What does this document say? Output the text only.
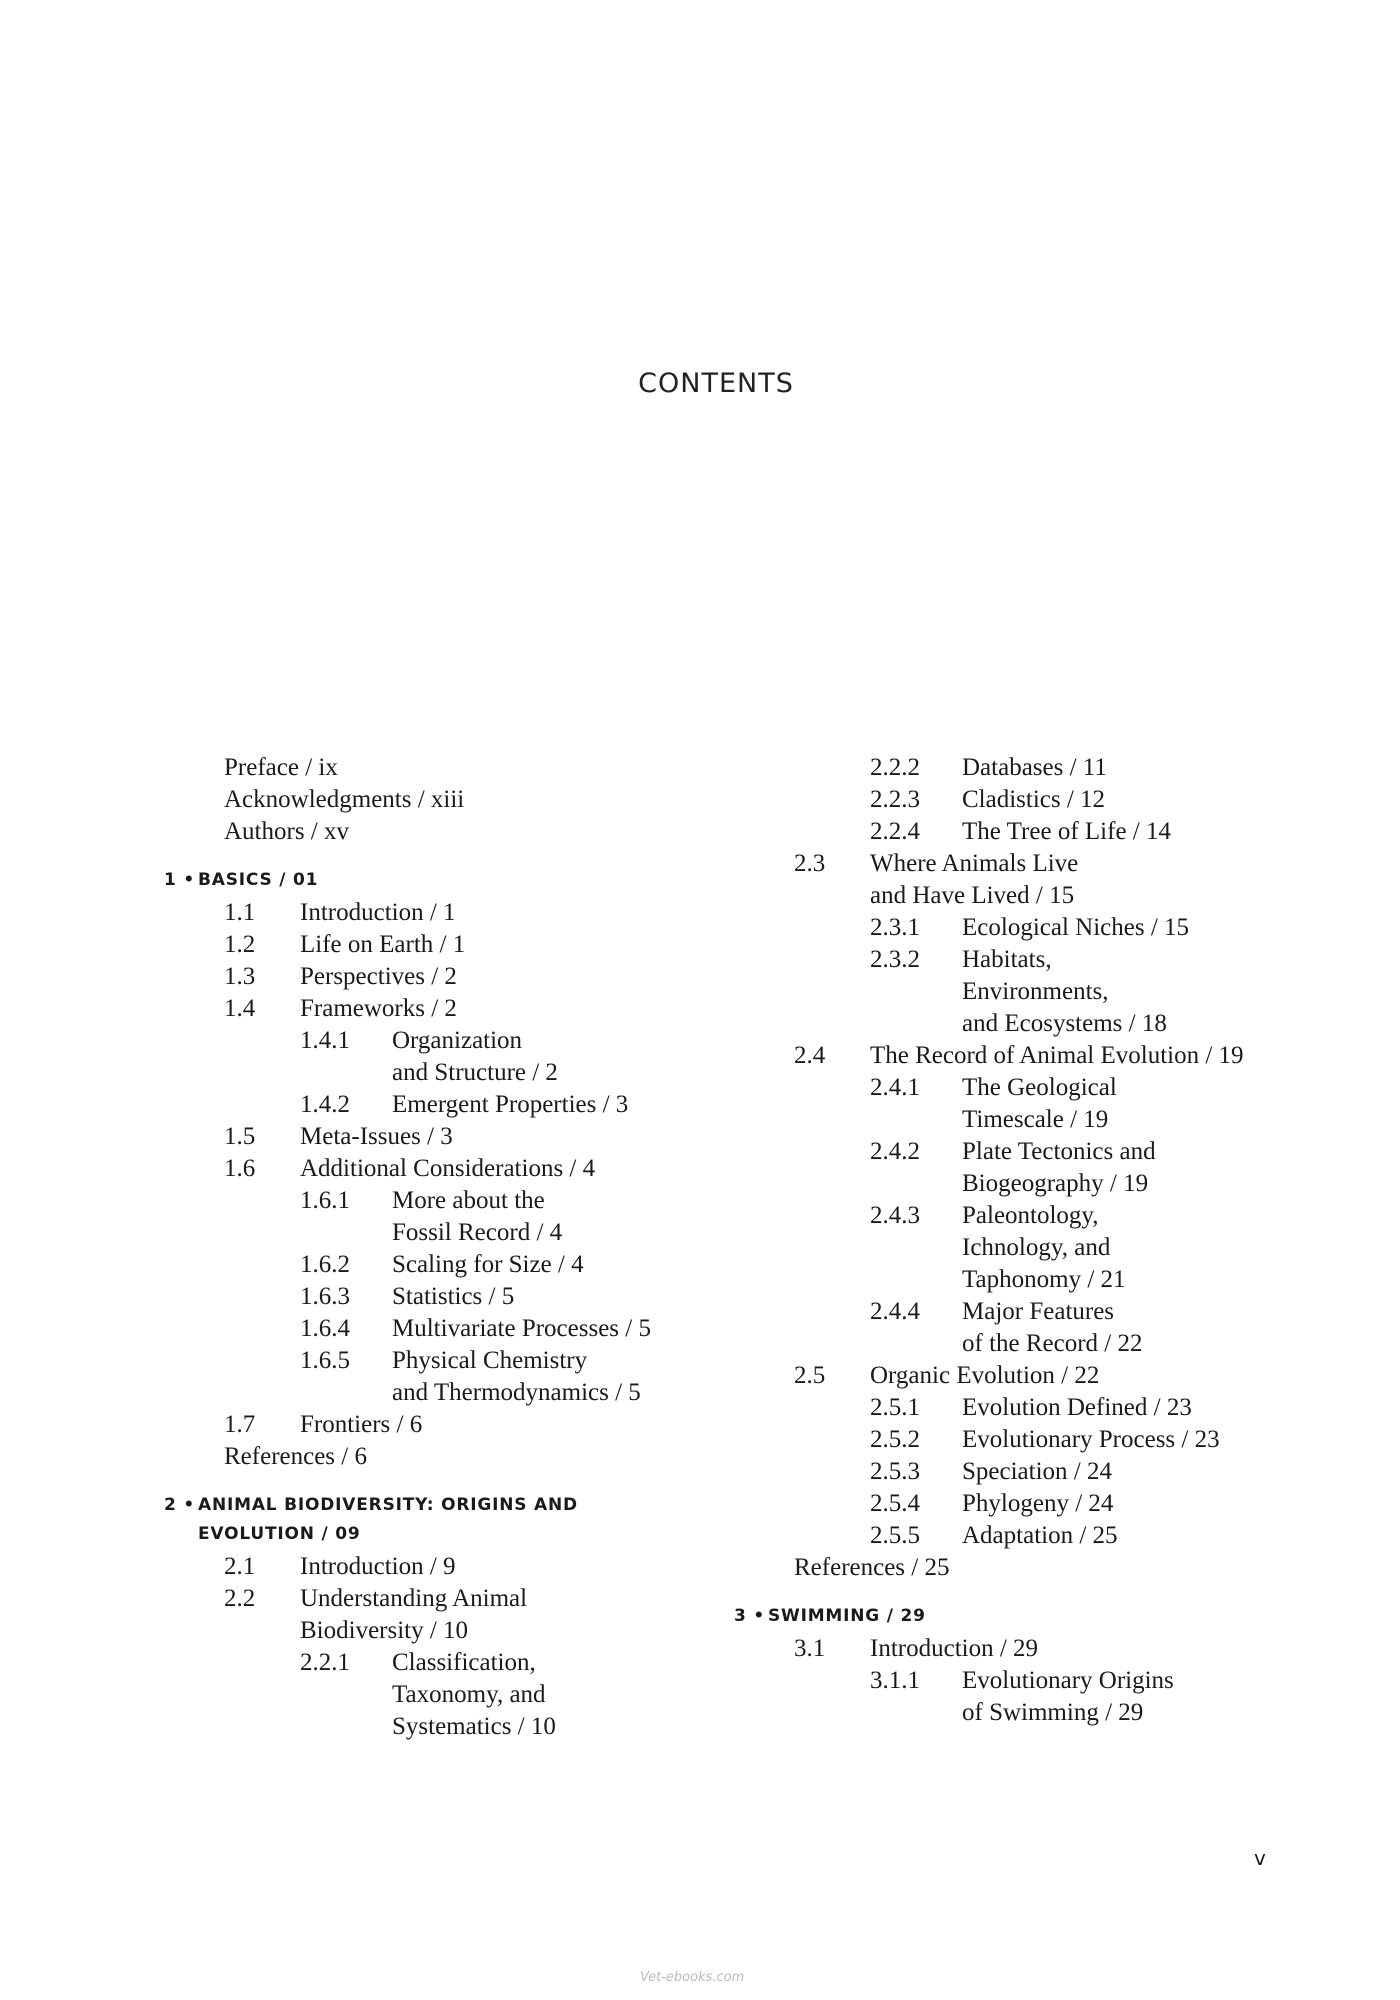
CONTENTS
Preface / ix
Acknowledgments / xiii
Authors / xv
1 • BASICS / 01
1.1 Introduction / 1
1.2 Life on Earth / 1
1.3 Perspectives / 2
1.4 Frameworks / 2
1.4.1 Organization
and Structure / 2
1.4.2 Emergent Properties / 3
1.5 Meta-Issues / 3
1.6 Additional Considerations / 4
1.6.1 More about the
Fossil Record / 4
1.6.2 Scaling for Size / 4
1.6.3 Statistics / 5
1.6.4 Multivariate Processes / 5
1.6.5 Physical Chemistry
and Thermodynamics / 5
1.7 Frontiers / 6
References / 6
2 • ANIMAL BIODIVERSITY: ORIGINS AND
EVOLUTION / 09
2.1 Introduction / 9
2.2 Understanding Animal
Biodiversity / 10
2.2.1 Classification,
Taxonomy, and
Systematics / 10
2.2.2 Databases / 11
2.2.3 Cladistics / 12
2.2.4 The Tree of Life / 14
2.3 Where Animals Live
and Have Lived / 15
2.3.1 Ecological Niches / 15
2.3.2 Habitats,
Environments,
and Ecosystems / 18
2.4 The Record of Animal Evolution / 19
2.4.1 The Geological
Timescale / 19
2.4.2 Plate Tectonics and
Biogeography / 19
2.4.3 Paleontology,
Ichnology, and
Taphonomy / 21
2.4.4 Major Features
of the Record / 22
2.5 Organic Evolution / 22
2.5.1 Evolution Defined / 23
2.5.2 Evolutionary Process / 23
2.5.3 Speciation / 24
2.5.4 Phylogeny / 24
2.5.5 Adaptation / 25
References / 25
3 • SWIMMING / 29
3.1 Introduction / 29
3.1.1 Evolutionary Origins
of Swimming / 29
v
Vet-ebooks.com
